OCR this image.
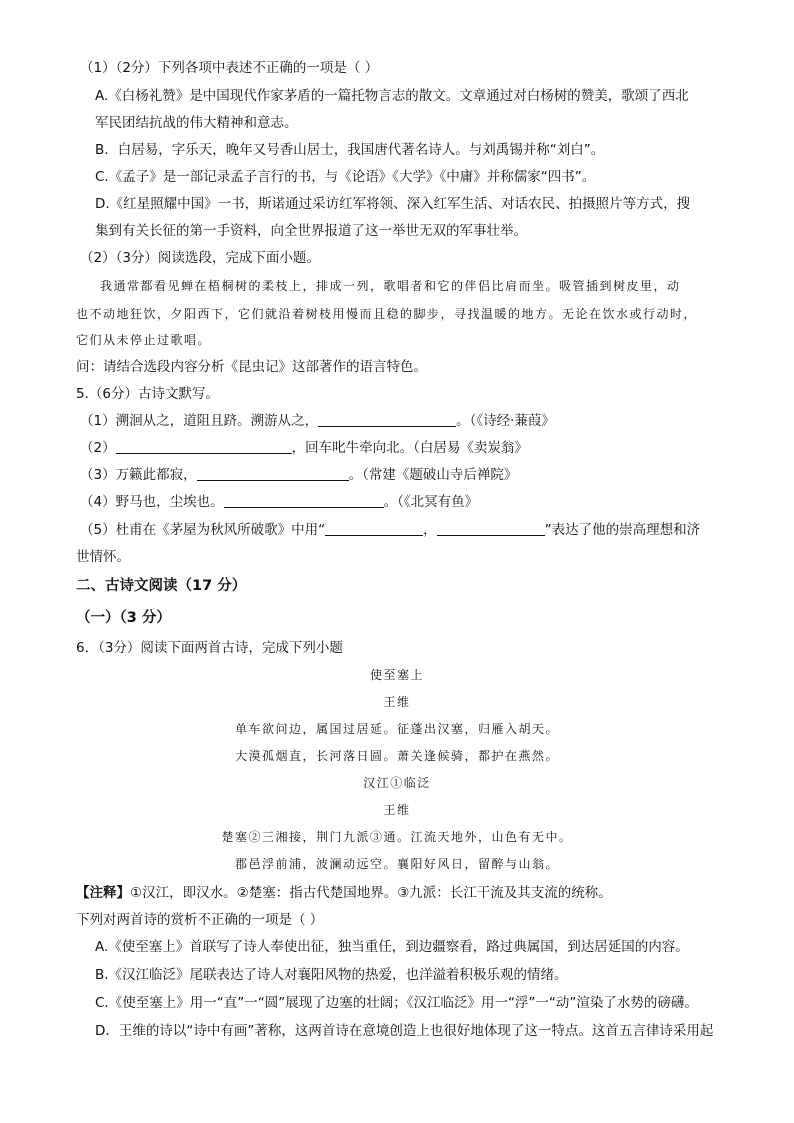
（1）（2分）下列各项中表述不正确的一项是（ ）
A.《白杨礼赞》是中国现代作家茅盾的一篇托物言志的散文。文章通过对白杨树的赞美，歌颂了西北
军民团结抗战的伟大精神和意志。
B．白居易，字乐天，晚年又号香山居士，我国唐代著名诗人。与刘禹锡并称“刘白”。
C.《孟子》是一部记录孟子言行的书，与《论语》《大学》《中庸》并称儒家“四书”。
D.《红星照耀中国》一书，斯诺通过采访红军将领、深入红军生活、对话农民、拍摄照片等方式，搜
集到有关长征的第一手资料，向全世界报道了这一举世无双的军事壮举。
（2）（3分）阅读选段，完成下面小题。
我通常都看见蝉在梧桐树的柔枝上，排成一列，歌唱者和它的伴侣比肩而坐。吸管插到树皮里，动
也不动地狂饮，夕阳西下，它们就沿着树枝用慢而且稳的脚步，寻找温暖的地方。无论在饮水或行动时，
它们从未停止过歌唱。
问：请结合选段内容分析《昆虫记》这部著作的语言特色。
5.（6分）古诗文默写。
（1）溯洄从之，道阻且跻。溯游从之，	。（《诗经·蒹葭》
（2）	，回车叱牛牵向北。（白居易《卖炭翁》
（3）万籁此都寂，	。（常建《题破山寺后禅院》
（4）野马也，尘埃也。	。（《北冥有鱼》
（5）杜甫在《茅屋为秋风所破歌》中用“	，	”表达了他的崇高理想和济
世情怀。
二、古诗文阅读（17 分）
（一）（3 分）
6．（3分）阅读下面两首古诗，完成下列小题
使至塞上
王维
单车欲问边，属国过居延。征蓬出汉塞，归雁入胡天。
大漠孤烟直，长河落日圆。萧关逢候骑，都护在燕然。
汉江①临泛
王维
楚塞②三湘接，荆门九派③通。江流天地外，山色有无中。
郡邑浮前浦，波澜动远空。襄阳好风日，留醉与山翁。
【注释】①汉江，即汉水。②楚塞：指古代楚国地界。③九派：长江干流及其支流的统称。
下列对两首诗的赏析不正确的一项是（ ）
A.《使至塞上》首联写了诗人奉使出征，独当重任，到边疆察看，路过典属国，到达居延国的内容。
B.《汉江临泛》尾联表达了诗人对襄阳风物的热爱，也洋溢着积极乐观的情绪。
C.《使至塞上》用一“直”一“圆”展现了边塞的壮阔；《汉江临泛》用一“浮”一“动”渲染了水势的磅礴。
D．王维的诗以“诗中有画”著称，这两首诗在意境创造上也很好地体现了这一特点。这首五言律诗采用起
